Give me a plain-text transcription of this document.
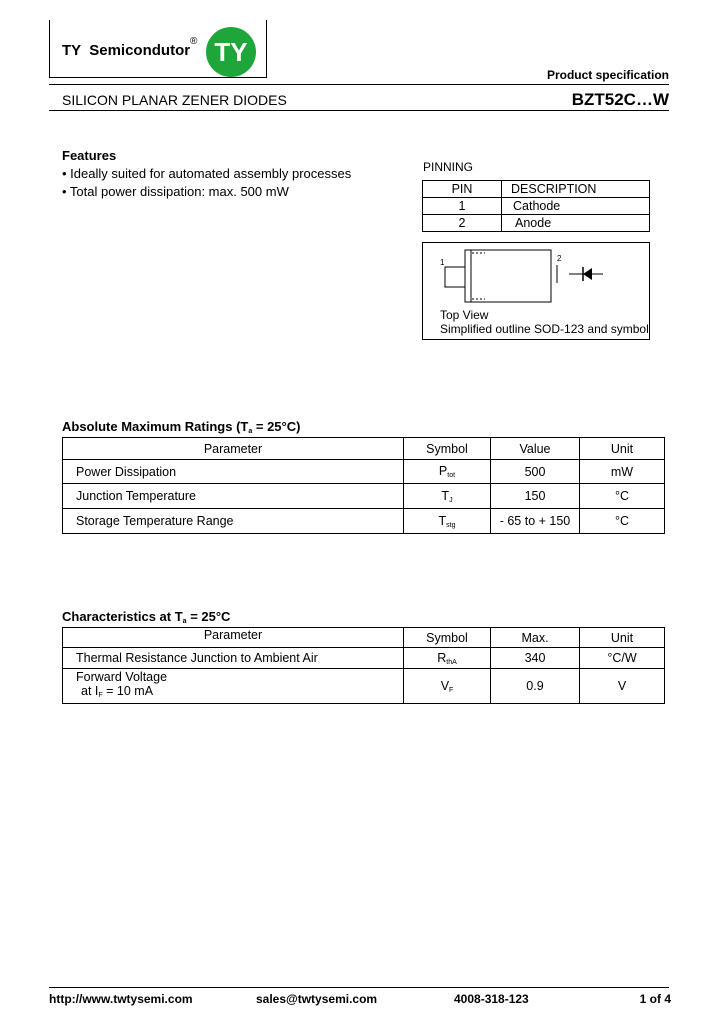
TY  Semicondutor
® TY
Product specification
SILICON PLANAR ZENER DIODES	BZT52C…W
Features
• Ideally suited for automated assembly processes
• Total power dissipation: max. 500 mW
PINNING
PIN	DESCRIPTION
1	Cathode
2	Anode
1	2
Top View
Simplified outline SOD-123 and symbol
Absolute Maximum Ratings $(T_a = 25^\circ C)$
Parameter	Symbol	Value	Unit
Power Dissipation	$P_{tot}$	500	mW
Junction Temperature	$T_J$	150	°C
Storage Temperature Range	$T_{stg}$	- 65 to + 150	°C
Characteristics at $T_a = 25^\circ C$
Parameter	Symbol	Max.	Unit
Thermal Resistance Junction to Ambient Air	$R_{thA}$	340	°C/W

Forward Voltage
at $I_F = 10$ mA	$V_F$	0.9	V
http://www.twtysemi.com	sales@twtysemi.com	4008-318-123	1 of 4
